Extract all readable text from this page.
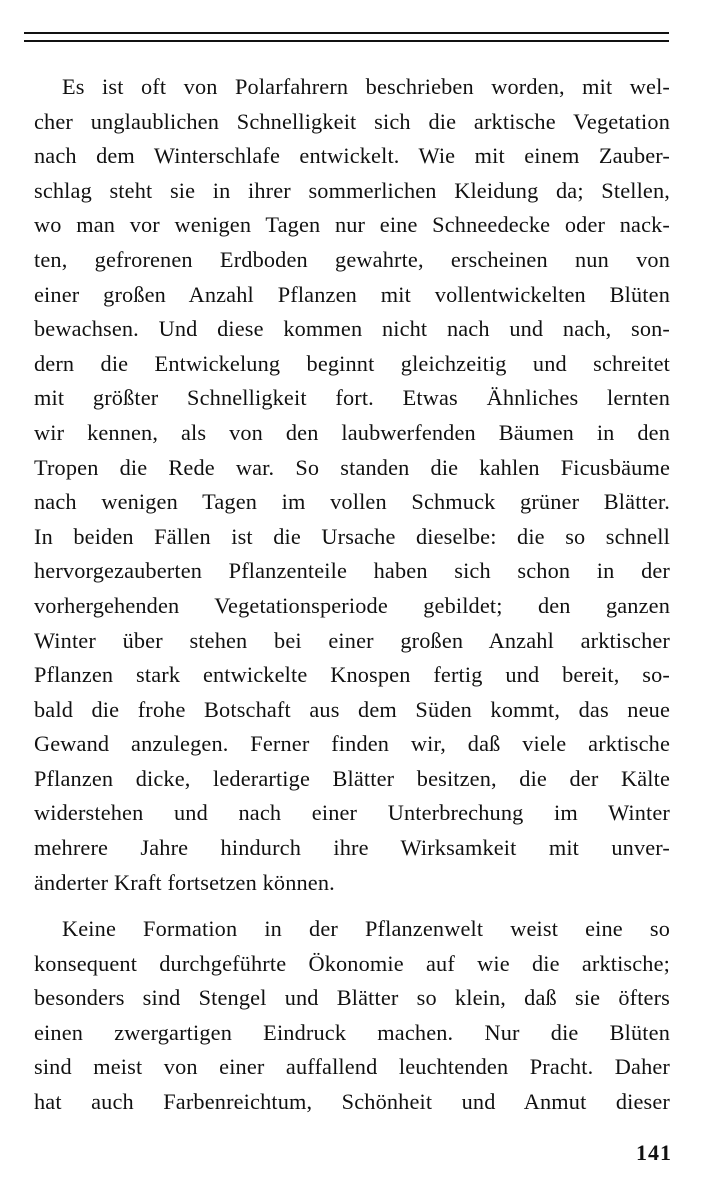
Es ist oft von Polarfahrern beschrieben worden, mit wel-
cher unglaublichen Schnelligkeit sich die arktische Vegetation
nach dem Winterschlafe entwickelt. Wie mit einem Zauber-
schlag steht sie in ihrer sommerlichen Kleidung da; Stellen,
wo man vor wenigen Tagen nur eine Schneedecke oder nack-
ten, gefrorenen Erdboden gewahrte, erscheinen nun von
einer großen Anzahl Pflanzen mit vollentwickelten Blüten
bewachsen. Und diese kommen nicht nach und nach, son-
dern die Entwickelung beginnt gleichzeitig und schreitet
mit größter Schnelligkeit fort. Etwas Ähnliches lernten
wir kennen, als von den laubwerfenden Bäumen in den
Tropen die Rede war. So standen die kahlen Ficusbäume
nach wenigen Tagen im vollen Schmuck grüner Blätter.
In beiden Fällen ist die Ursache dieselbe: die so schnell
hervorgezauberten Pflanzenteile haben sich schon in der
vorhergehenden Vegetationsperiode gebildet; den ganzen
Winter über stehen bei einer großen Anzahl arktischer
Pflanzen stark entwickelte Knospen fertig und bereit, so-
bald die frohe Botschaft aus dem Süden kommt, das neue
Gewand anzulegen. Ferner finden wir, daß viele arktische
Pflanzen dicke, lederartige Blätter besitzen, die der Kälte
widerstehen und nach einer Unterbrechung im Winter
mehrere Jahre hindurch ihre Wirksamkeit mit unver-
änderter Kraft fortsetzen können.
Keine Formation in der Pflanzenwelt weist eine so
konsequent durchgeführte Ökonomie auf wie die arktische;
besonders sind Stengel und Blätter so klein, daß sie öfters
einen zwergartigen Eindruck machen. Nur die Blüten
sind meist von einer auffallend leuchtenden Pracht. Daher
hat auch Farbenreichtum, Schönheit und Anmut dieser
141
